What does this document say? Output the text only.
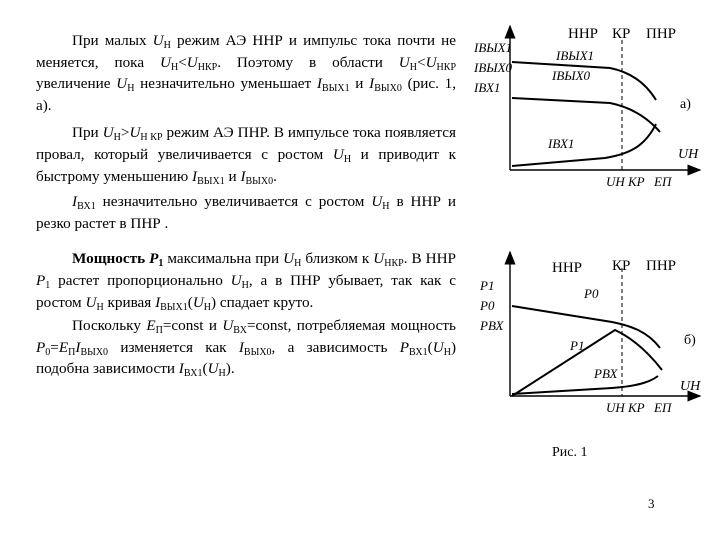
При малых $U_Н$ режим АЭ ННР и импульс тока почти не меняется, пока $U_Н<U_{НКР}$. Поэтому в области $U_Н<U_{НКР}$ увеличение $U_Н$ незначительно уменьшает $I_{ВЫХ1}$ и $I_{ВЫХ0}$ (рис. 1, а).

При $U_Н>U_{Н КР}$ режим АЭ ПНР. В импульсе тока появляется провал, который увеличивается с ростом $U_Н$ и приводит к быстрому уменьшению $I_{ВЫХ1}$ и $I_{ВЫХ0}$.

$I_{ВХ1}$ незначительно увеличивается с ростом $U_Н$ в ННР и резко растет в ПНР .

Мощность $Р_1$ максимальна при $U_Н$ близком к $U_{НКР}$. В ННР $Р_1$ растет пропорционально $U_Н$, а в ПНР убывает, так как с ростом $U_Н$ кривая $I_{ВЫХ1}(U_Н)$ спадает круто.

Поскольку $Е_П=const$ и $U_{ВХ}=const$, потребляемая мощность $Р_0=Е_ПI_{ВЫХ0}$ изменяется как $I_{ВЫХ0}$, а зависимость $Р_{ВХ1}(U_Н)$ подобна зависимости $I_{ВХ1}(U_Н)$.

ННР КР ПНР
IВЫХ1
IВЫХ0
IВХ1
IВЫХ1
IВЫХ0
IВХ1
а)
UН
UН КР ЕП
ННР КР ПНР
P1
P0
PВХ
P0
P1
PВХ
б)
UН
UН КР ЕП
Рис. 1
3
